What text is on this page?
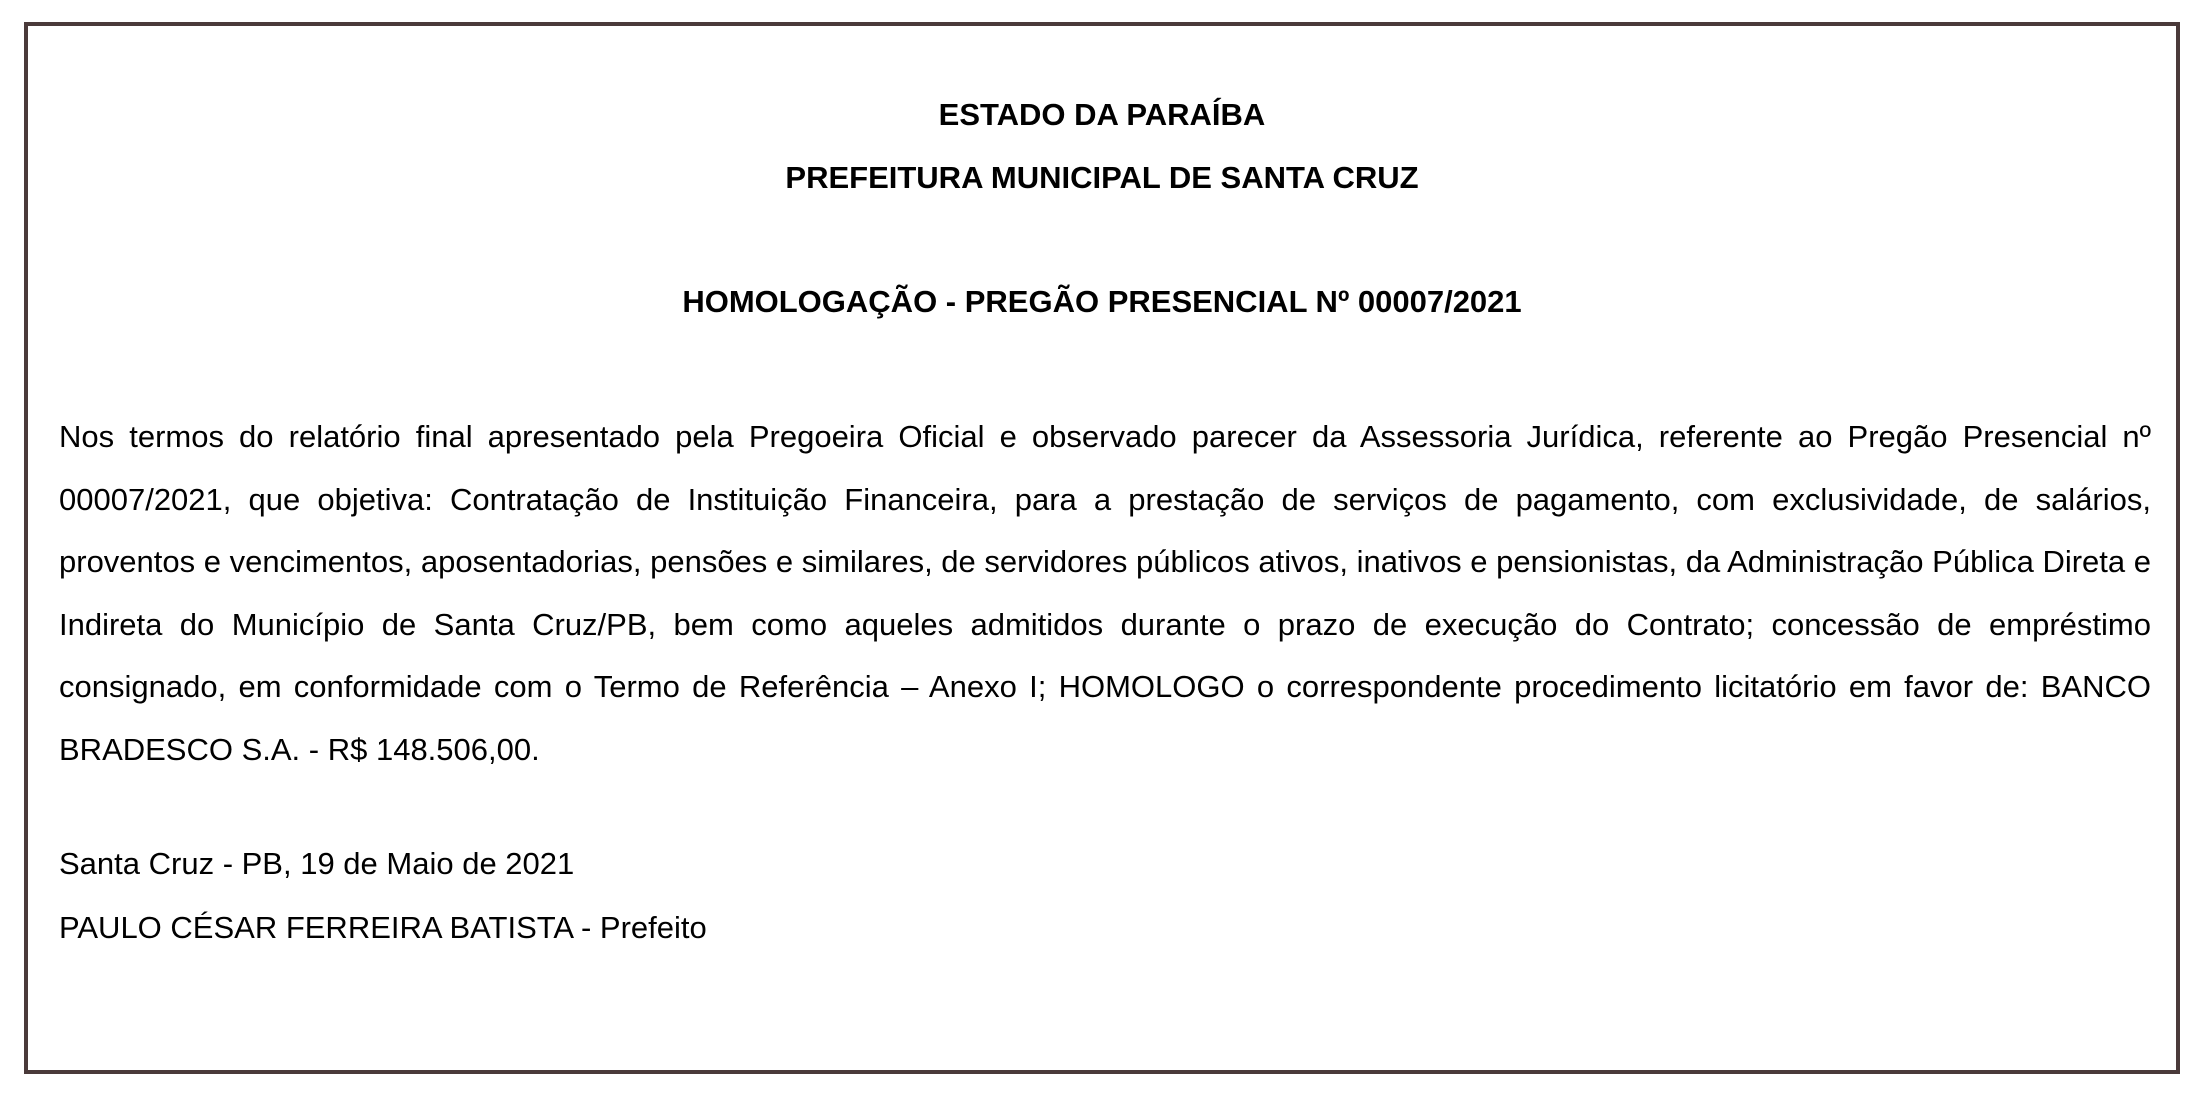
ESTADO DA PARAÍBA
PREFEITURA MUNICIPAL DE SANTA CRUZ
HOMOLOGAÇÃO - PREGÃO PRESENCIAL Nº 00007/2021
Nos termos do relatório final apresentado pela Pregoeira Oficial e observado parecer da Assessoria Jurídica, referente ao Pregão Presencial nº 00007/2021, que objetiva: Contratação de Instituição Financeira, para a prestação de serviços de pagamento, com exclusividade, de salários, proventos e vencimentos, aposentadorias, pensões e similares, de servidores públicos ativos, inativos e pensionistas, da Administração Pública Direta e Indireta do Município de Santa Cruz/PB, bem como aqueles admitidos durante o prazo de execução do Contrato; concessão de empréstimo consignado, em conformidade com o Termo de Referência – Anexo I; HOMOLOGO o correspondente procedimento licitatório em favor de: BANCO BRADESCO S.A. - R$ 148.506,00.
Santa Cruz - PB, 19 de Maio de 2021
PAULO CÉSAR FERREIRA BATISTA - Prefeito
